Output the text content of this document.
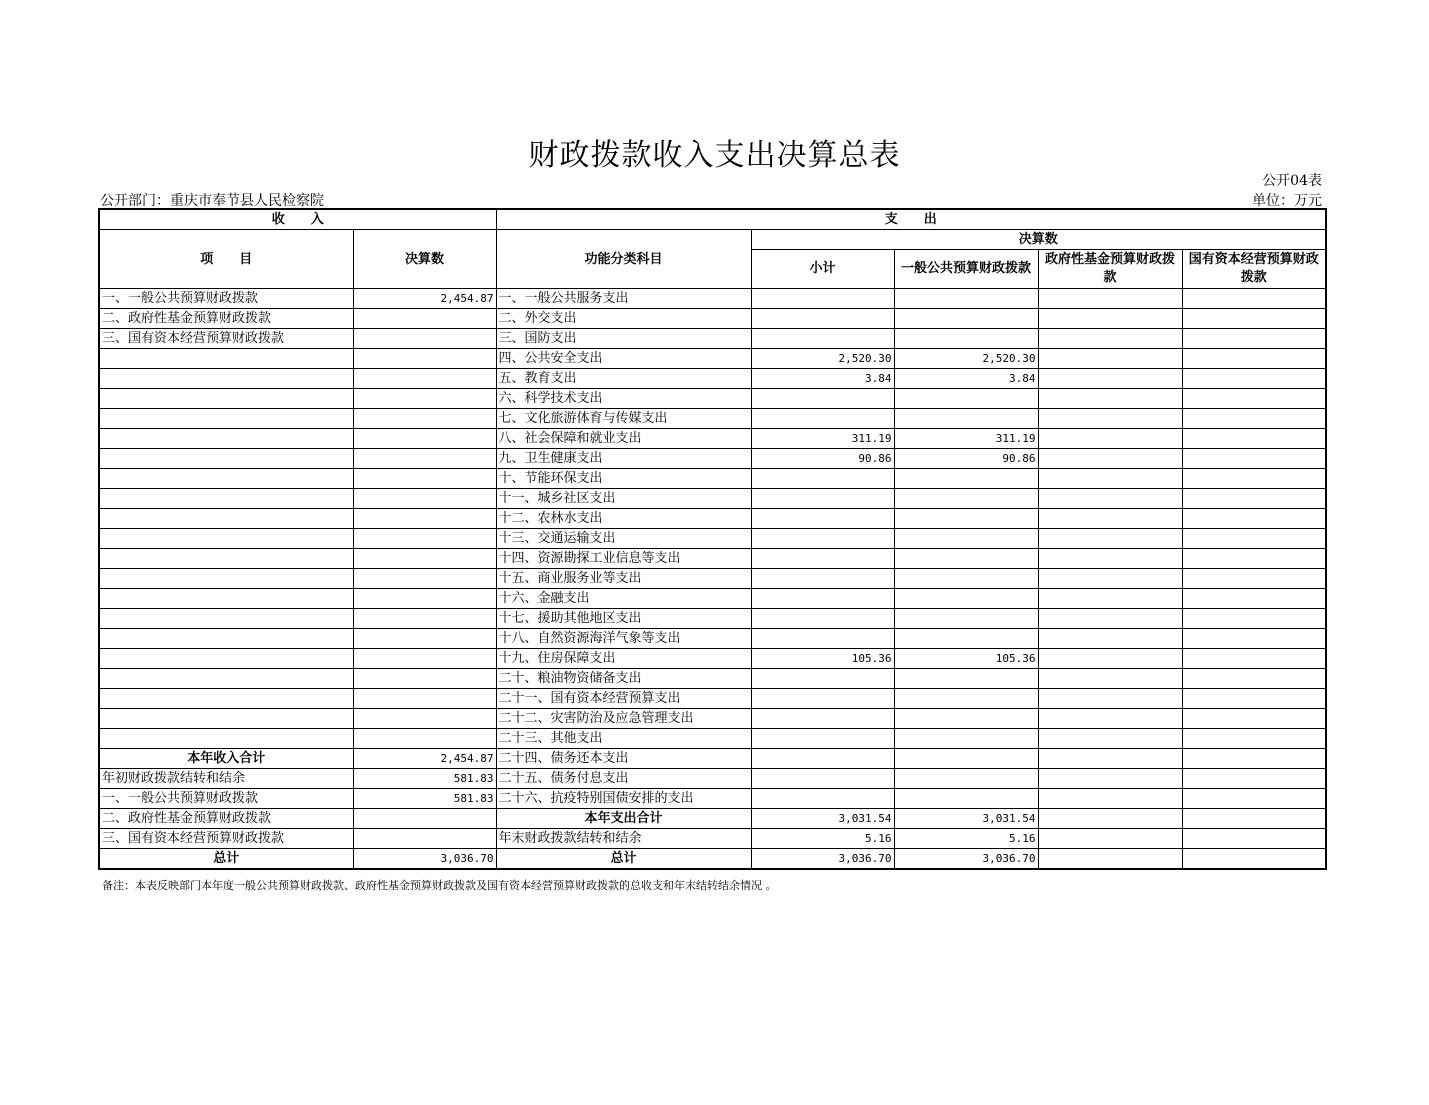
财政拨款收入支出决算总表
公开04表
公开部门：重庆市奉节县人民检察院	单位：万元
收　　入		支　　出				
项　　目	决算数	功能分类科目	决算数			
			小计	一般公共预算财政拨款	政府性基金预算财政拨款	国有资本经营预算财政拨款
一、一般公共预算财政拨款	2,454.87	一、一般公共服务支出				
二、政府性基金预算财政拨款		二、外交支出				
三、国有资本经营预算财政拨款		三、国防支出				
		四、公共安全支出	2,520.30	2,520.30		
		五、教育支出	3.84	3.84		
		六、科学技术支出				
		七、文化旅游体育与传媒支出				
		八、社会保障和就业支出	311.19	311.19		
		九、卫生健康支出	90.86	90.86		
		十、节能环保支出				
		十一、城乡社区支出				
		十二、农林水支出				
		十三、交通运输支出				
		十四、资源勘探工业信息等支出				
		十五、商业服务业等支出				
		十六、金融支出				
		十七、援助其他地区支出				
		十八、自然资源海洋气象等支出				
		十九、住房保障支出	105.36	105.36		
		二十、粮油物资储备支出				
		二十一、国有资本经营预算支出				
		二十二、灾害防治及应急管理支出				
		二十三、其他支出				
本年收入合计	2,454.87	二十四、债务还本支出				
年初财政拨款结转和结余	581.83	二十五、债务付息支出				
一、一般公共预算财政拨款	581.83	二十六、抗疫特别国债安排的支出				
二、政府性基金预算财政拨款		本年支出合计	3,031.54	3,031.54		
三、国有资本经营预算财政拨款		年末财政拨款结转和结余	5.16	5.16		
总计	3,036.70	总计	3,036.70	3,036.70		
备注：本表反映部门本年度一般公共预算财政拨款、政府性基金预算财政拨款及国有资本经营预算财政拨款的总收支和年末结转结余情况 。
